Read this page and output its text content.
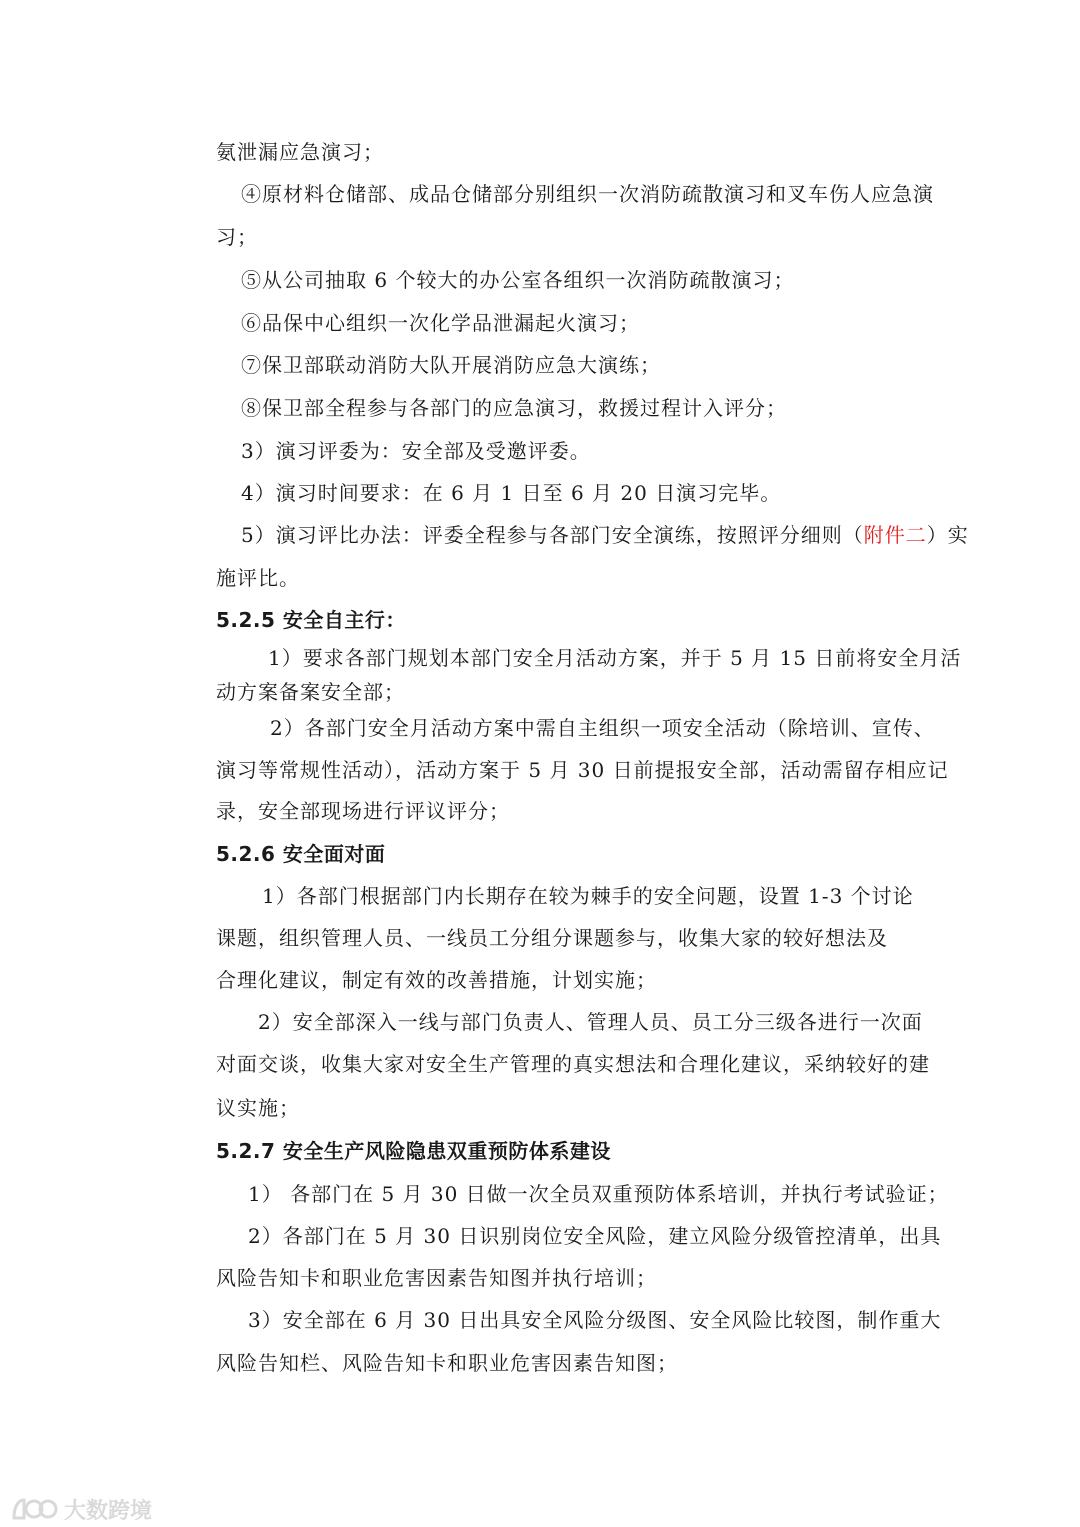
氨泄漏应急演习；
④原材料仓储部、成品仓储部分别组织一次消防疏散演习和叉车伤人应急演
习；
⑤从公司抽取 6 个较大的办公室各组织一次消防疏散演习；
⑥品保中心组织一次化学品泄漏起火演习；
⑦保卫部联动消防大队开展消防应急大演练；
⑧保卫部全程参与各部门的应急演习，救援过程计入评分；
3）演习评委为：安全部及受邀评委。
4）演习时间要求：在 6 月 1 日至 6 月 20 日演习完毕。
5）演习评比办法：评委全程参与各部门安全演练，按照评分细则（附件二）实
施评比。
5.2.5 安全自主行：
1）要求各部门规划本部门安全月活动方案，并于 5 月 15 日前将安全月活
动方案备案安全部；
2）各部门安全月活动方案中需自主组织一项安全活动（除培训、宣传、
演习等常规性活动），活动方案于 5 月 30 日前提报安全部，活动需留存相应记
录，安全部现场进行评议评分；
5.2.6 安全面对面
1）各部门根据部门内长期存在较为棘手的安全问题，设置 1-3 个讨论
课题，组织管理人员、一线员工分组分课题参与，收集大家的较好想法及
合理化建议，制定有效的改善措施，计划实施；
2）安全部深入一线与部门负责人、管理人员、员工分三级各进行一次面
对面交谈，收集大家对安全生产管理的真实想法和合理化建议，采纳较好的建
议实施；
5.2.7 安全生产风险隐患双重预防体系建设
1） 各部门在 5 月 30 日做一次全员双重预防体系培训，并执行考试验证；
2）各部门在 5 月 30 日识别岗位安全风险，建立风险分级管控清单，出具
风险告知卡和职业危害因素告知图并执行培训；
3）安全部在 6 月 30 日出具安全风险分级图、安全风险比较图，制作重大
风险告知栏、风险告知卡和职业危害因素告知图；
大数跨境
